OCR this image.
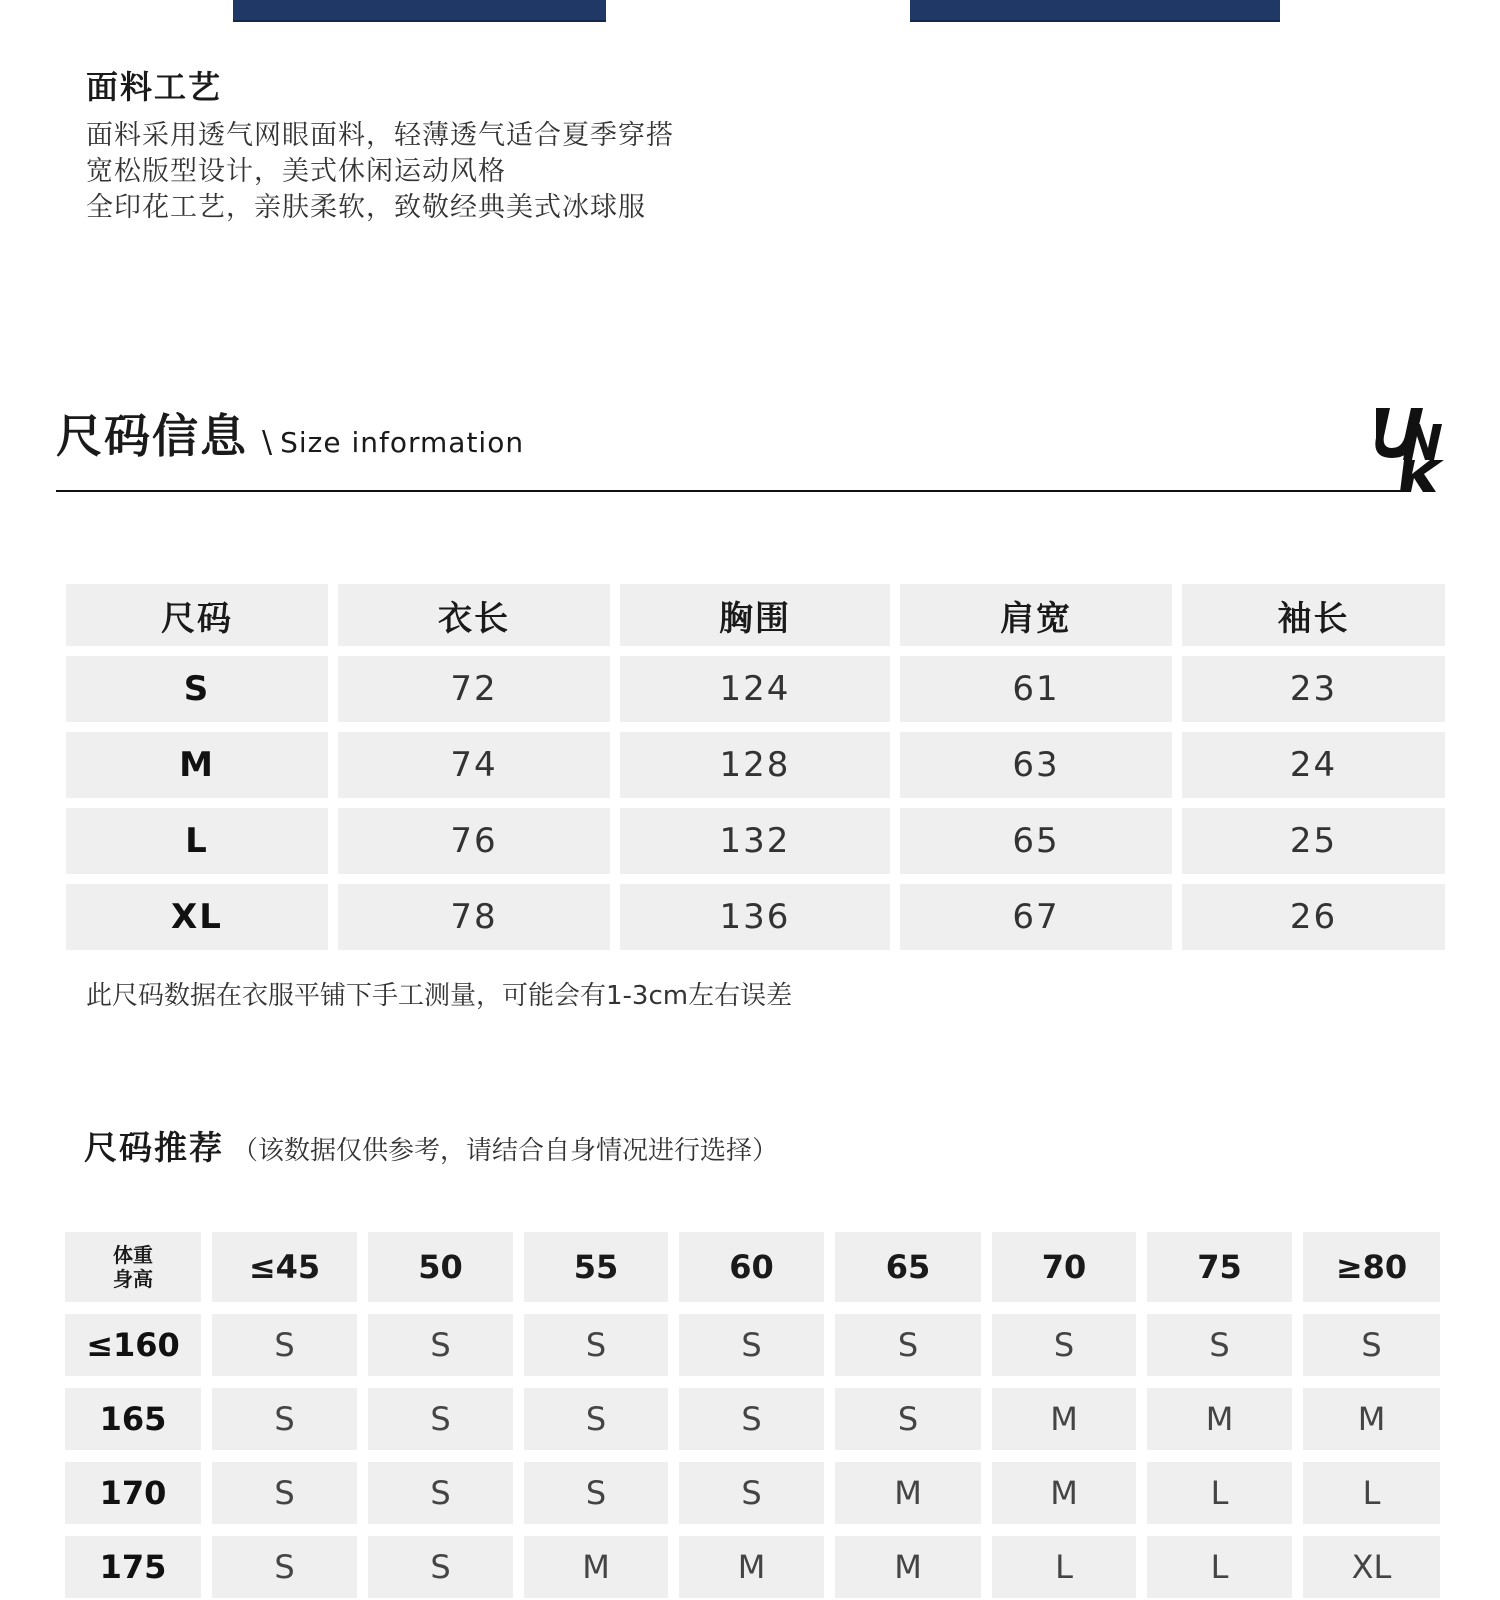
面料工艺
面料采用透气网眼面料，轻薄透气适合夏季穿搭
宽松版型设计，美式休闲运动风格
全印花工艺，亲肤柔软，致敬经典美式冰球服
尺码信息 \ Size information
尺码	衣长	胸围	肩宽	袖长
S	72	124	61	23
M	74	128	63	24
L	76	132	65	25
XL	78	136	67	26
此尺码数据在衣服平铺下手工测量，可能会有1-3cm左右误差
尺码推荐 （该数据仅供参考，请结合自身情况进行选择）
体重
身高	≤45	50	55	60	65	70	75	≥80
≤160	S	S	S	S	S	S	S	S
165	S	S	S	S	S	M	M	M
170	S	S	S	S	M	M	L	L
175	S	S	M	M	M	L	L	XL
